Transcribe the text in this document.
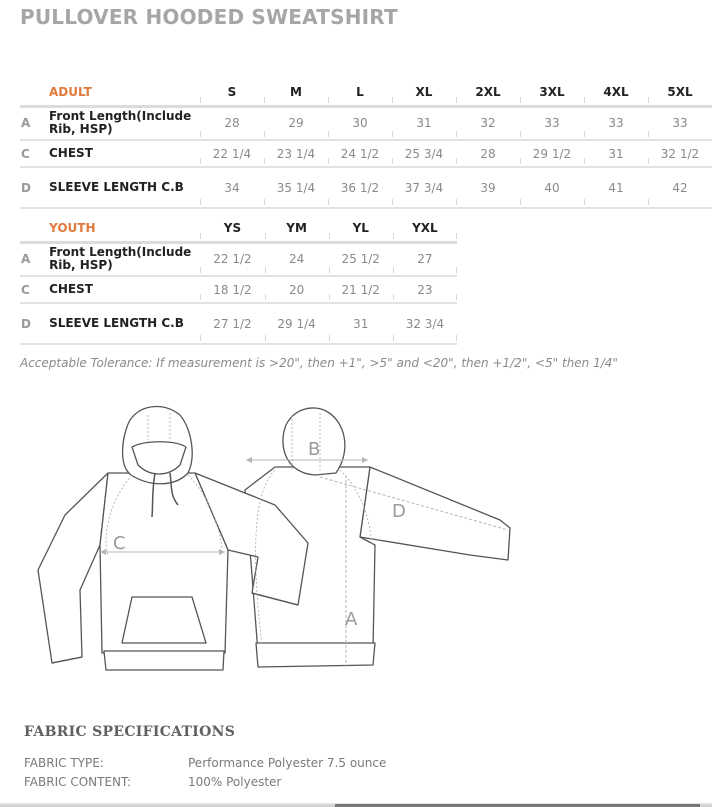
PULLOVER HOODED SWEATSHIRT
	ADULT	S	M	L	XL	2XL	3XL	4XL	5XL
A	Front Length(Include Rib, HSP)	28	29	30	31	32	33	33	33
C	CHEST	22 1/4	23 1/4	24 1/2	25 3/4	28	29 1/2	31	32 1/2
D	SLEEVE LENGTH C.B	34	35 1/4	36 1/2	37 3/4	39	40	41	42
	YOUTH	YS	YM	YL	YXL
A	Front Length(Include Rib, HSP)	22 1/2	24	25 1/2	27
C	CHEST	18 1/2	20	21 1/2	23
D	SLEEVE LENGTH C.B	27 1/2	29 1/4	31	32 3/4
Acceptable Tolerance: If measurement is >20", then +1", >5" and <20", then +1/2", <5" then 1/4"
C
B
D
A
FABRIC SPECIFICATIONS
FABRIC TYPE:	Performance Polyester 7.5 ounce
FABRIC CONTENT:	100% Polyester
